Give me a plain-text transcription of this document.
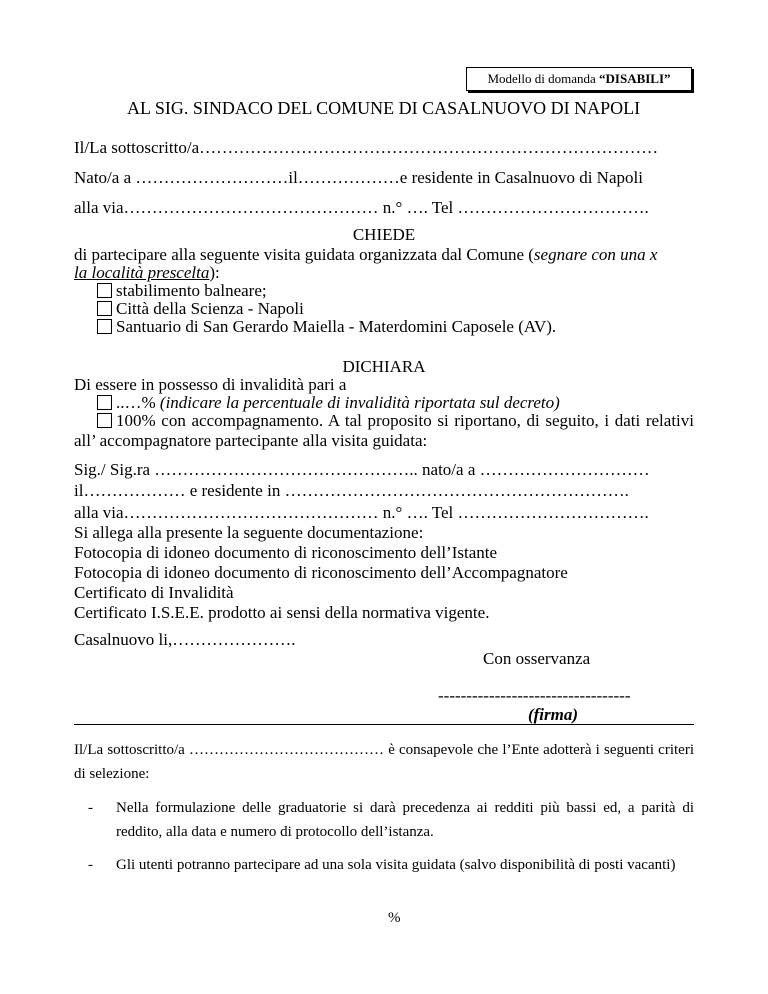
Modello di domanda “DISABILI”
AL SIG. SINDACO DEL COMUNE DI CASALNUOVO DI NAPOLI
Il/La sottoscritto/a………………………………………………………………………
Nato/a a ………………………il………………e residente in Casalnuovo di Napoli
alla via……………………………………… n.° …. Tel …………………………….
CHIEDE
di partecipare alla seguente visita guidata organizzata dal Comune (segnare con una x
la località prescelta):
stabilimento balneare;
Città della Scienza - Napoli
Santuario di San Gerardo Maiella - Materdomini Caposele (AV).
DICHIARA
Di essere in possesso di invalidità pari a
..…% (indicare la percentuale di invalidità riportata sul decreto)
100% con accompagnamento. A tal proposito si riportano, di seguito, i dati relativi all’ accompagnatore partecipante alla visita guidata:
Sig./ Sig.ra ……………………………………….. nato/a a …………………………
il……………… e residente in …………………………………………………….
alla via……………………………………… n.° …. Tel …………………………….
Si allega alla presente la seguente documentazione:
Fotocopia di idoneo documento di riconoscimento dell’Istante
Fotocopia di idoneo documento di riconoscimento dell’Accompagnatore
Certificato di Invalidità
Certificato I.S.E.E. prodotto ai sensi della normativa vigente.
Casalnuovo li,………………….
Con osservanza
----------------------------------
(firma)
Il/La sottoscritto/a ………………………………… è consapevole che l’Ente adotterà i seguenti criteri di selezione:
- Nella formulazione delle graduatorie si darà precedenza ai redditi più bassi ed, a parità di reddito, alla data e numero di protocollo dell’istanza.
- Gli utenti potranno partecipare ad una sola visita guidata (salvo disponibilità di posti vacanti)
%
